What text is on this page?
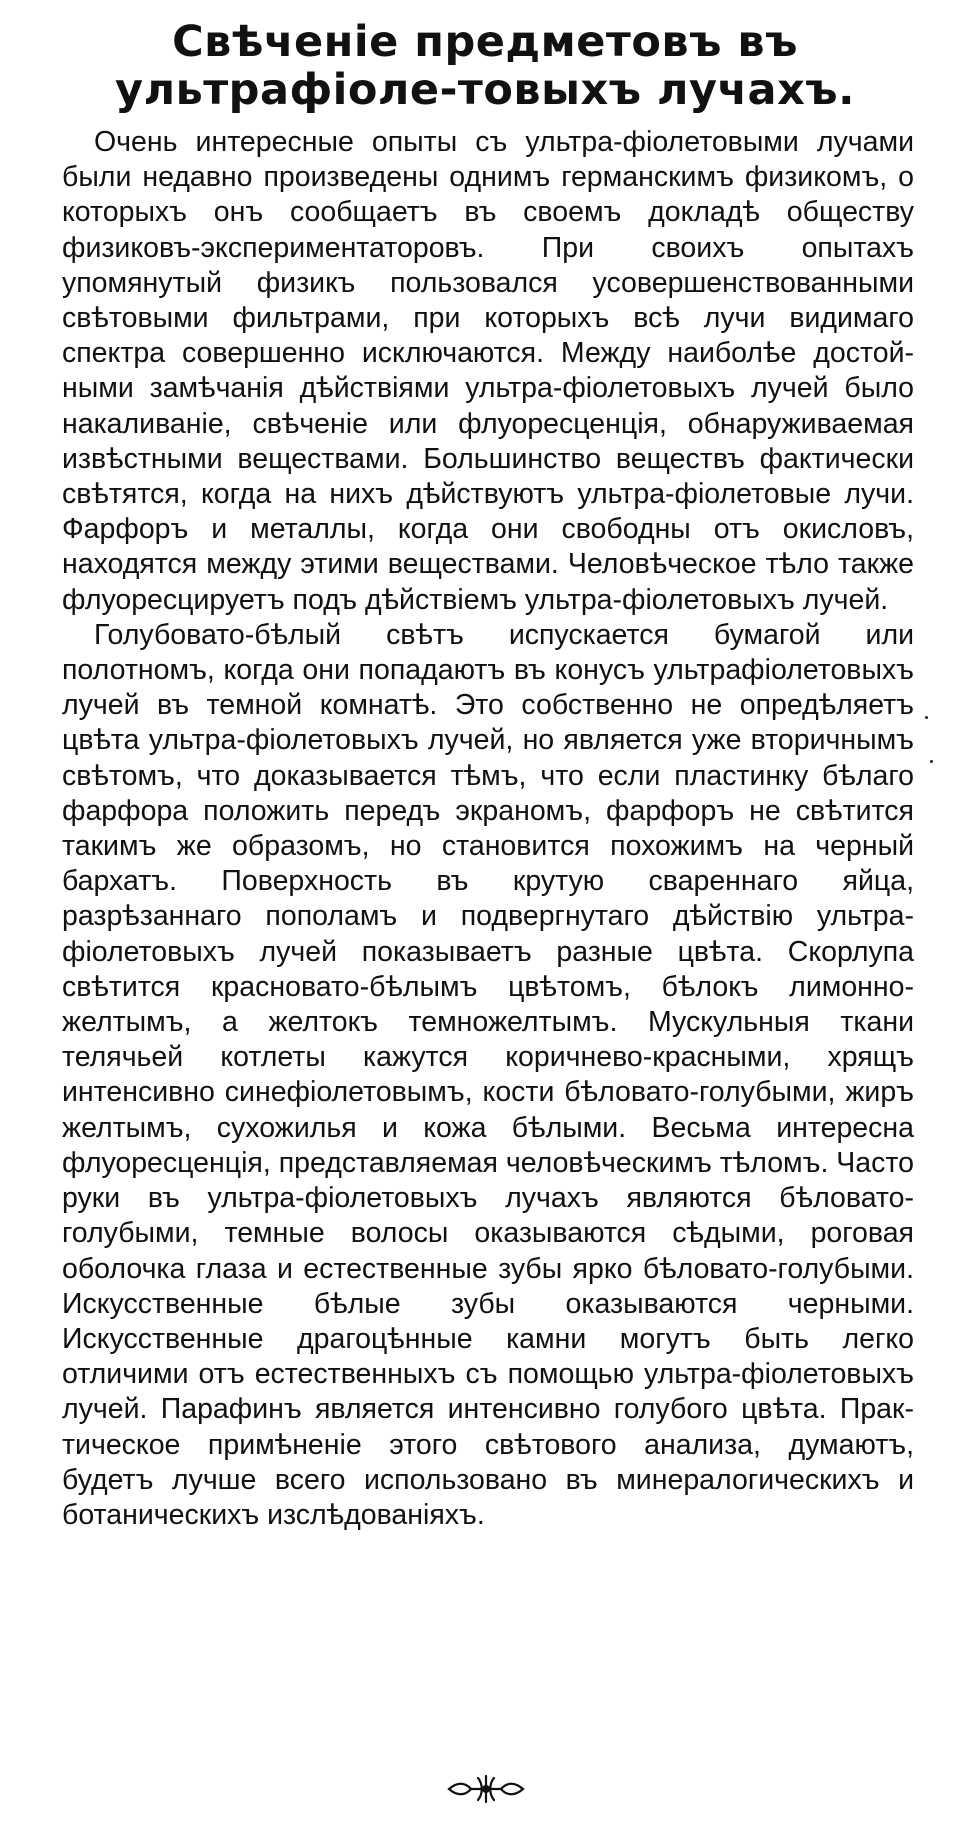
Свѣченіе предметовъ въ ультрафіоле-товыхъ лучахъ.

Очень интересные опыты съ ультра-фіолетовыми лучами были недавно произведены однимъ германскимъ физикомъ, о которыхъ онъ сообщаетъ въ своемъ докладѣ обществу физиковъ-экспериментаторовъ. При своихъ опытахъ упомянутый физикъ пользовался усовершенствованными свѣтовыми фильтрами, при которыхъ всѣ лучи видимаго спектра совершенно исключаются. Между наиболѣе достойными замѣчанія дѣйствіями ультра-фіолетовыхъ лучей было накаливаніе, свѣченіе или флуоресценція, обнаруживаемая извѣстными веществами. Большинство веществъ фактически свѣтятся, когда на нихъ дѣйствуютъ ультра-фіолетовые лучи. Фарфоръ и металлы, когда они свободны отъ окисловъ, находятся между этими веществами. Человѣческое тѣло также флуоресцируетъ подъ дѣйствіемъ ультра-фіолетовыхъ лучей.

Голубовато-бѣлый свѣтъ испускается бумагой или полотномъ, когда они попадаютъ въ конусъ ультрафіолетовыхъ лучей въ темной комнатѣ. Это собственно не опредѣляетъ цвѣта ультра-фіолетовыхъ лучей, но является уже вторичнымъ свѣтомъ, что доказывается тѣмъ, что если пластинку бѣлаго фарфора положить передъ экраномъ, фарфоръ не свѣтится такимъ же образомъ, но становится похожимъ на черный бархатъ. Поверхность въ крутую свареннаго яйца, разрѣзаннаго пополамъ и подвергнутаго дѣйствію ультра-фіолетовыхъ лучей показываетъ разные цвѣта. Скорлупа свѣтится красновато-бѣлымъ цвѣтомъ, бѣлокъ лимонно-желтымъ, а желтокъ темножелтымъ. Мускульныя ткани телячьей котлеты кажутся коричнево-красными, хрящъ интенсивно синефіолетовымъ, кости бѣловато-голубыми, жиръ желтымъ, сухожилья и кожа бѣлыми. Весьма интересна флуоресценція, представляемая человѣческимъ тѣломъ. Часто руки въ ультра-фіолетовыхъ лучахъ являются бѣловато-голубыми, темные волосы оказываются сѣдыми, роговая оболочка глаза и естественные зубы ярко бѣловато-голубыми. Искусственные бѣлые зубы оказываются черными. Искусственные драгоцѣнные камни могутъ быть легко отличими отъ естественныхъ съ помощью ультра-фіолетовыхъ лучей. Парафинъ является интенсивно голубого цвѣта. Практическое примѣненіе этого свѣтового анализа, думаютъ, будетъ лучше всего использовано въ минералогическихъ и ботаническихъ изслѣдованіяхъ.
